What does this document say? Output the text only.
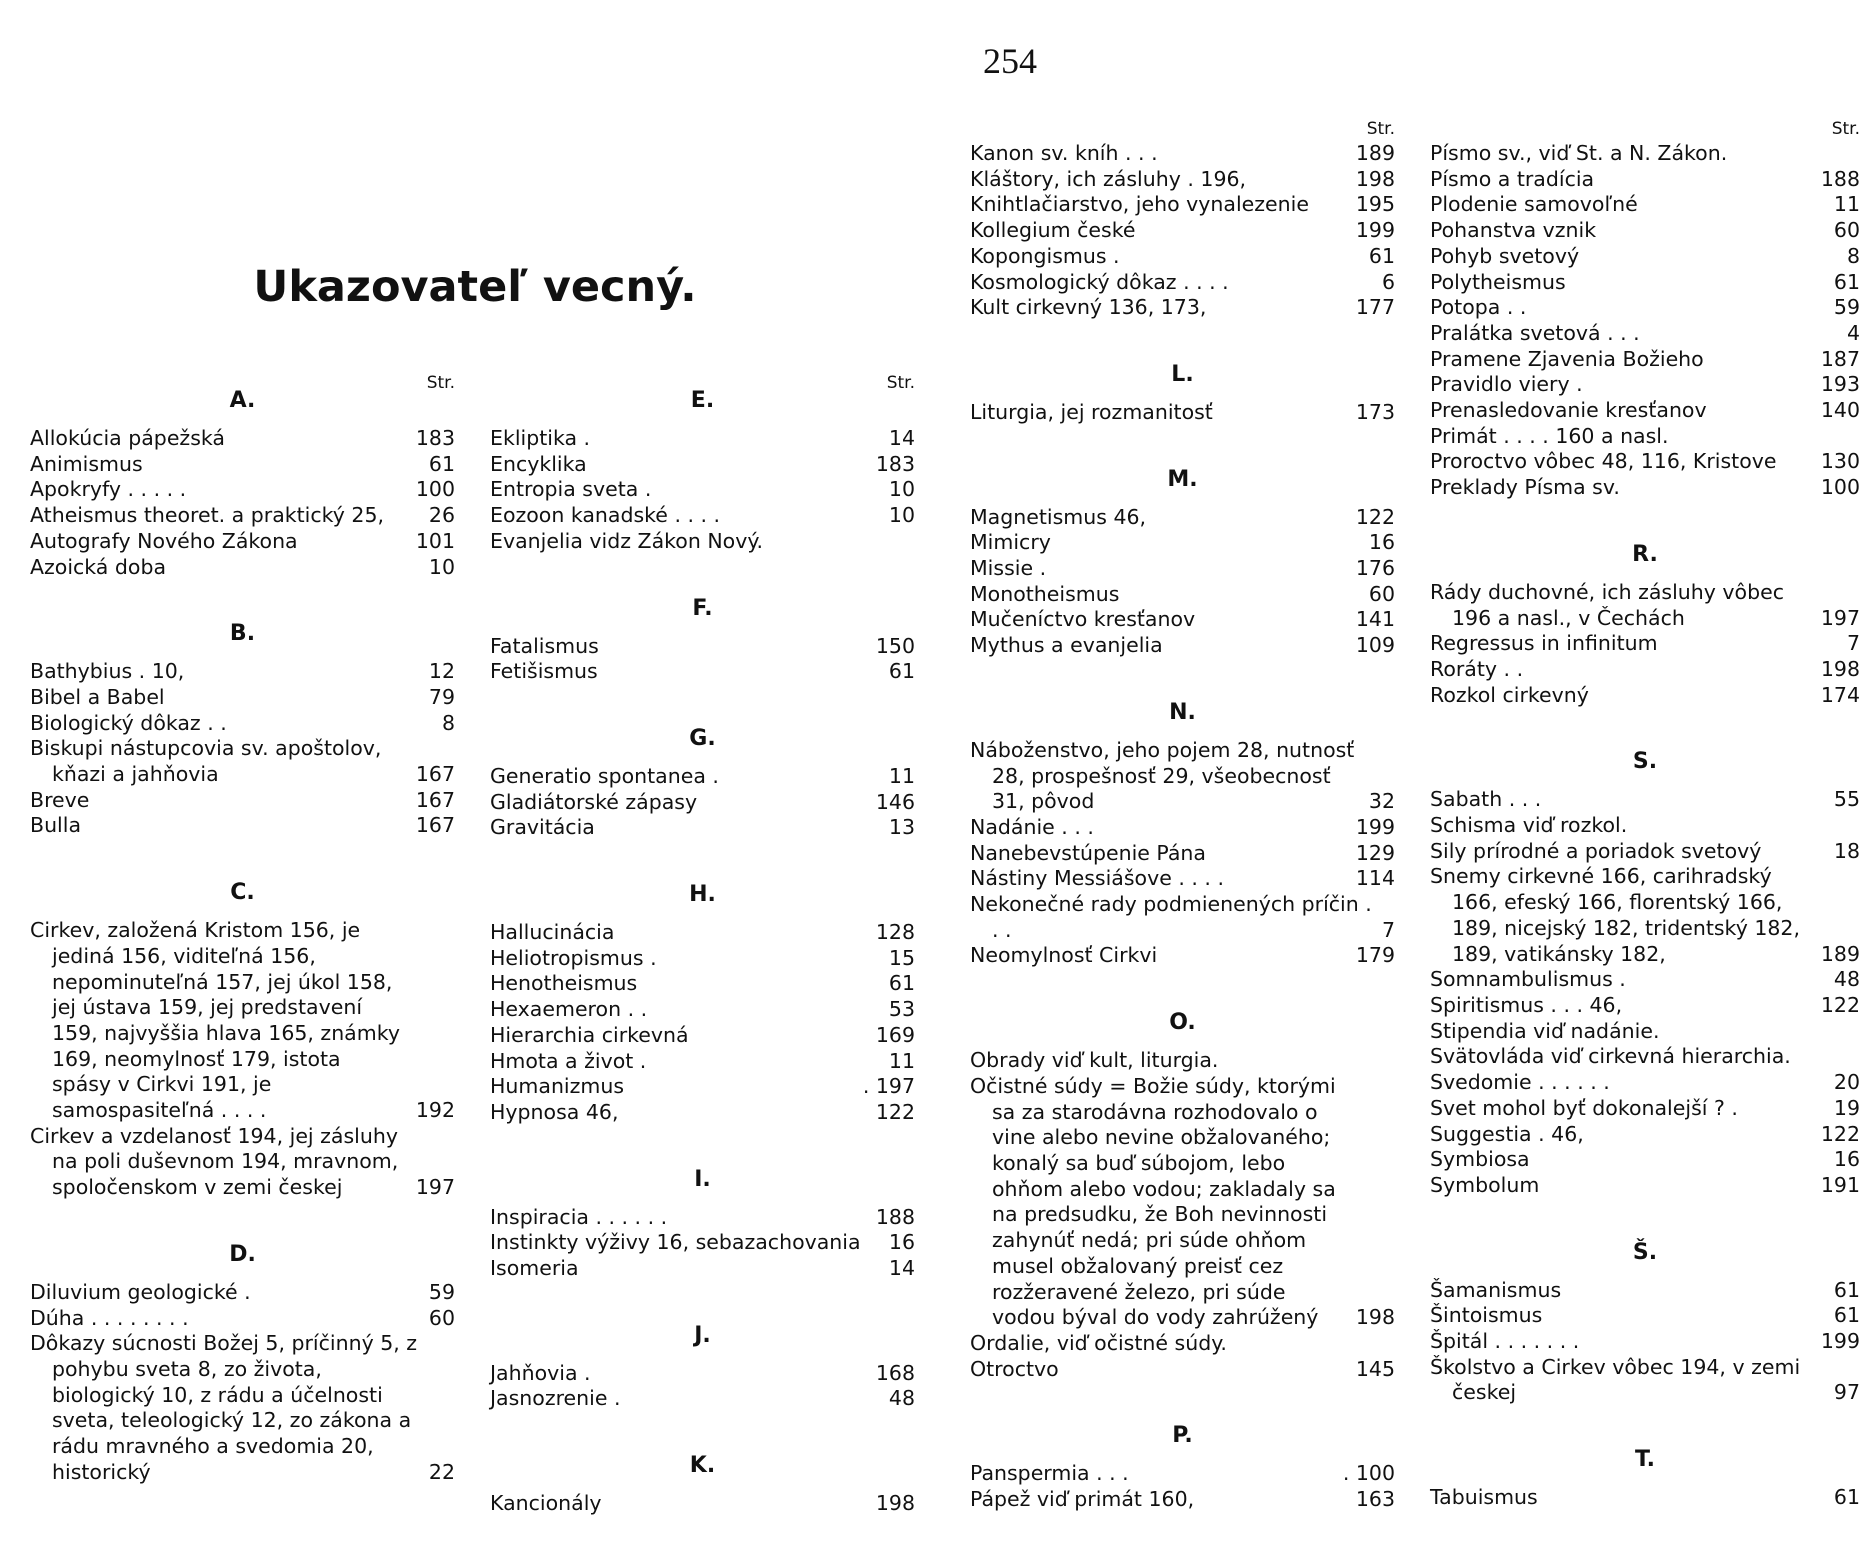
254
Ukazovateľ vecný.
A.
Str.
Allokúcia pápežská	183
Animismus	61
Apokryfy . . . . .	100
Atheismus theoret. a praktický 25,	26
Autografy Nového Zákona	101
Azoická doba	10
B.
Bathybius . 10,	12
Bibel a Babel	79
Biologický dôkaz . .	8
Biskupi nástupcovia sv. apoštolov, kňazi a jahňovia	167
Breve	167
Bulla	167
C.
Cirkev, založená Kristom 156, je jediná 156, viditeľná 156, nepominuteľná 157, jej úkol 158, jej ústava 159, jej predstavení 159, najvyššia hlava 165, známky 169, neomylnosť 179, istota spásy v Cirkvi 191, je samospasiteľná . . . .	192
Cirkev a vzdelanosť 194, jej zásluhy na poli duševnom 194, mravnom, spoločenskom v zemi českej	197
D.
Diluvium geologické .	59
Dúha . . . . . . . .	60
Dôkazy súcnosti Božej 5, príčinný 5, z pohybu sveta 8, zo života, biologický 10, z rádu a účelnosti sveta, teleologický 12, zo zákona a rádu mravného a svedomia 20, historický	22
E.
Str.
Ekliptika .	14
Encyklika	183
Entropia sveta .	10
Eozoon kanadské . . . .	10
Evanjelia vidz Zákon Nový.
F.
Fatalismus	150
Fetišismus	61
G.
Generatio spontanea .	11
Gladiátorské zápasy	146
Gravitácia	13
H.
Hallucinácia	128
Heliotropismus .	15
Henotheismus	61
Hexaemeron . .	53
Hierarchia cirkevná	169
Hmota a život .	11
Humanizmus	. 197
Hypnosa 46,	122
I.
Inspiracia . . . . . .	188
Instinkty výživy 16, sebazachovania	16
Isomeria	14
J.
Jahňovia .	168
Jasnozrenie .	48
K.
Kancionály	198
Str.
Kanon sv. kníh . . .	189
Kláštory, ich zásluhy . 196,	198
Knihtlačiarstvo, jeho vynalezenie	195
Kollegium české	199
Kopongismus .	61
Kosmologický dôkaz . . . .	6
Kult cirkevný 136, 173,	177
L.
Liturgia, jej rozmanitosť	173
M.
Magnetismus 46,	122
Mimicry	16
Missie .	176
Monotheismus	60
Mučeníctvo kresťanov	141
Mythus a evanjelia	109
N.
Náboženstvo, jeho pojem 28, nutnosť 28, prospešnosť 29, všeobecnosť 31, pôvod	32
Nadánie . . .	199
Nanebevstúpenie Pána	129
Nástiny Messiášove . . . .	114
Nekonečné rady podmienených príčin . . .	7
Neomylnosť Cirkvi	179
O.
Obrady viď kult, liturgia.
Očistné súdy = Božie súdy, ktorými sa za starodávna rozhodovalo o vine alebo nevine obžalovaného; konalý sa buď súbojom, lebo ohňom alebo vodou; zakladaly sa na predsudku, že Boh nevinnosti zahynúť nedá; pri súde ohňom musel obžalovaný preisť cez rozžeravené železo, pri súde vodou býval do vody zahrúžený	198
Ordalie, viď očistné súdy.
Otroctvo	145
P.
Panspermia . . .	. 100
Pápež viď primát 160,	163
Str.
Písmo sv., viď St. a N. Zákon.
Písmo a tradícia	188
Plodenie samovoľné	11
Pohanstva vznik	60
Pohyb svetový	8
Polytheismus	61
Potopa . .	59
Pralátka svetová . . .	4
Pramene Zjavenia Božieho	187
Pravidlo viery .	193
Prenasledovanie kresťanov	140
Primát . . . . 160 a nasl.
Proroctvo vôbec 48, 116, Kristove	130
Preklady Písma sv.	100
R.
Rády duchovné, ich zásluhy vôbec 196 a nasl., v Čechách	197
Regressus in infinitum	7
Roráty . .	198
Rozkol cirkevný	174
S.
Sabath . . .	55
Schisma viď rozkol.
Sily prírodné a poriadok svetový	18
Snemy cirkevné 166, carihradský 166, efeský 166, florentský 166, 189, nicejský 182, tridentský 182, 189, vatikánsky 182,	189
Somnambulismus .	48
Spiritismus . . . 46,	122
Stipendia viď nadánie.
Svätovláda viď cirkevná hierarchia.
Svedomie . . . . . .	20
Svet mohol byť dokonalejší ? .	19
Suggestia . 46,	122
Symbiosa	16
Symbolum	191
Š.
Šamanismus	61
Šintoismus	61
Špitál . . . . . . .	199
Školstvo a Cirkev vôbec 194, v zemi českej	97
T.
Tabuismus	61
